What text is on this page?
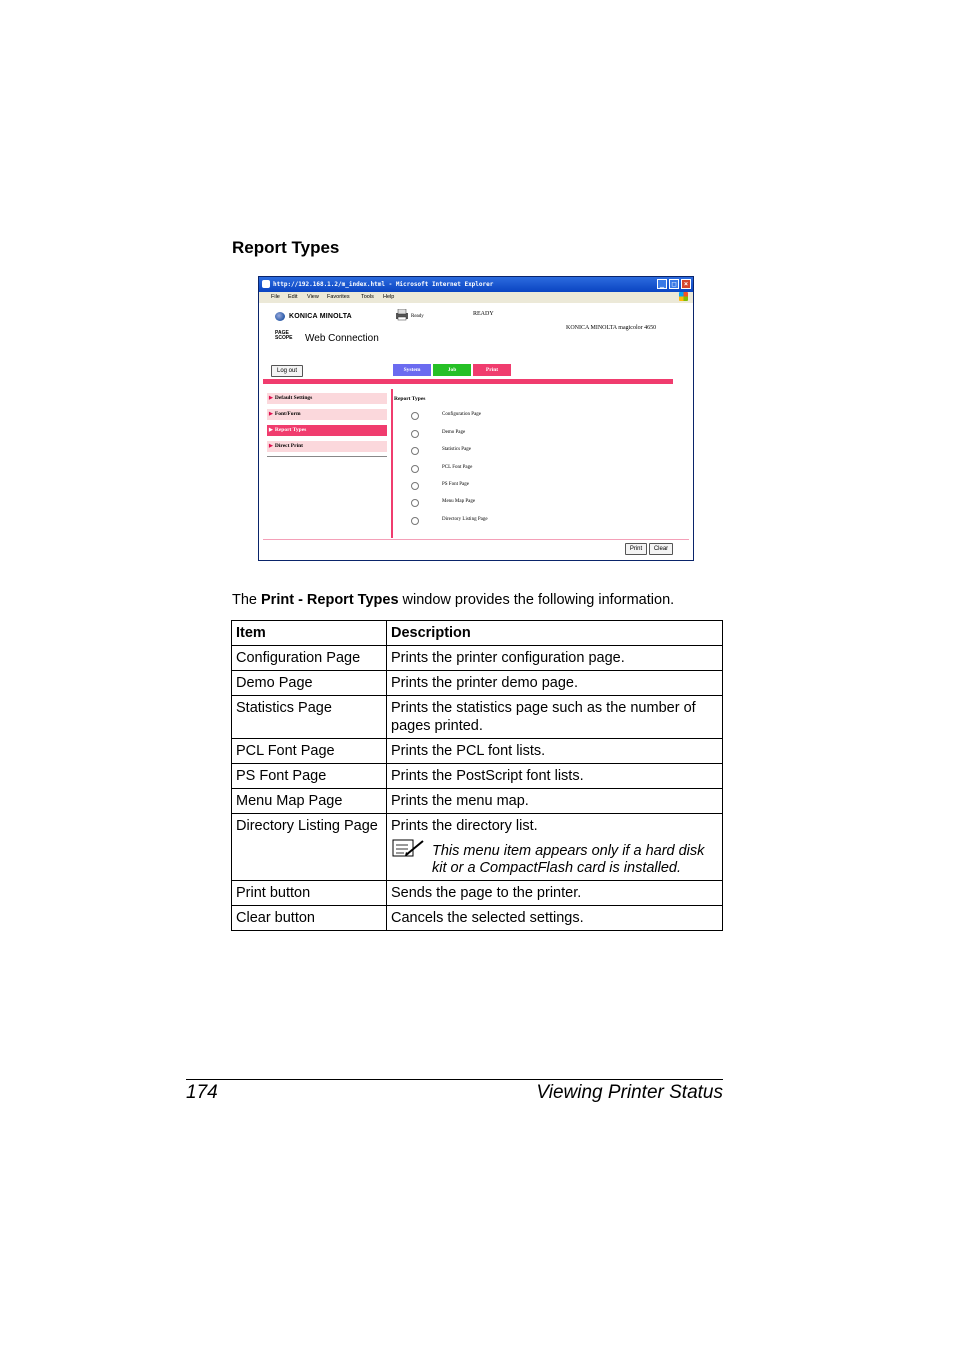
Report Types
http://192.168.1.2/m_index.html - Microsoft Internet Explorer	_	□	×
File Edit View Favorites Tools Help
KONICA MINOLTA
PAGE SCOPE Web Connection
Ready	READY
KONICA MINOLTA magicolor 4650
Log out	System	Job	Print
▶ Default Settings
▶ Font/Form
▶ Report Types
▶ Direct Print
Report Types
Configuration Page
Demo Page
Statistics Page
PCL Font Page
PS Font Page
Menu Map Page
Directory Listing Page
Print	Clear
The Print - Report Types window provides the following information.
Item	Description
Configuration Page	Prints the printer configuration page.
Demo Page	Prints the printer demo page.
Statistics Page	Prints the statistics page such as the number of pages printed.
PCL Font Page	Prints the PCL font lists.
PS Font Page	Prints the PostScript font lists.
Menu Map Page	Prints the menu map.
Directory Listing Page	Prints the directory list.
This menu item appears only if a hard disk kit or a CompactFlash card is installed.

Print button	Sends the page to the printer.
Clear button	Cancels the selected settings.
174	Viewing Printer Status
